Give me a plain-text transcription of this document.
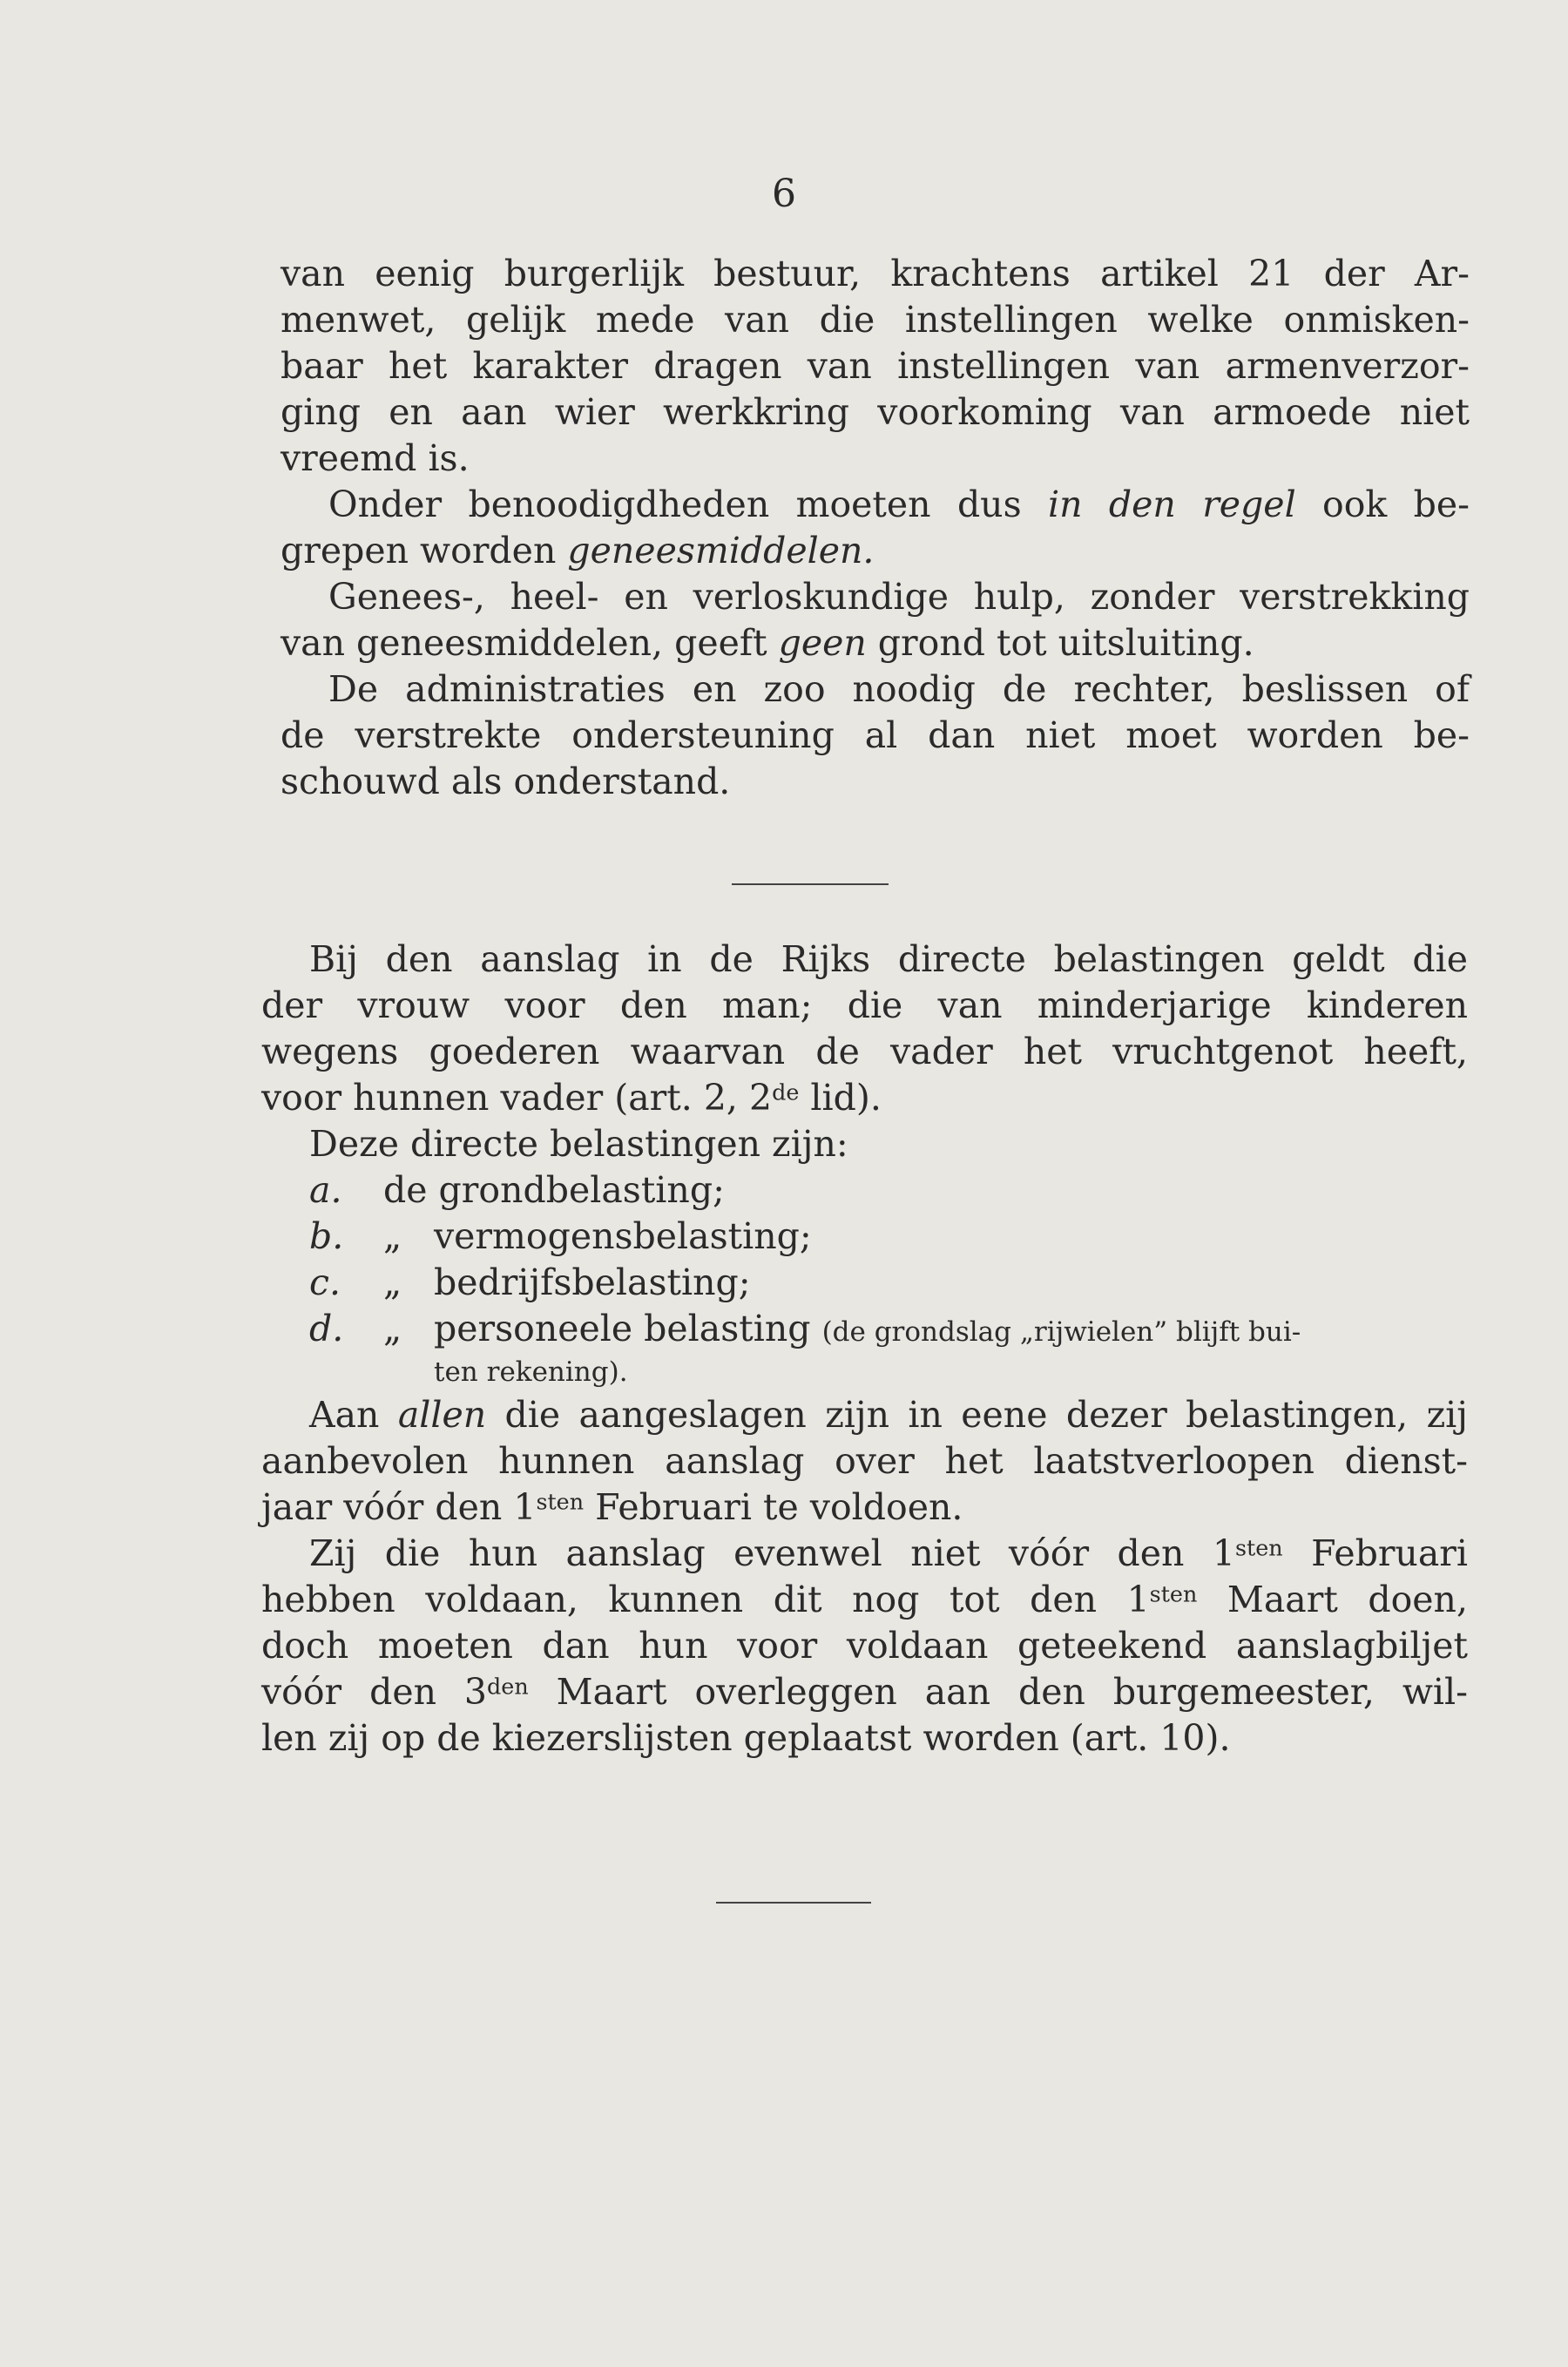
6
van eenig burgerlijk bestuur, krachtens artikel 21 der Ar-
menwet, gelijk mede van die instellingen welke onmisken-
baar het karakter dragen van instellingen van armenverzor-
ging en aan wier werkkring voorkoming van armoede niet
vreemd is.
Onder benoodigdheden moeten dus in den regel ook be-
grepen worden geneesmiddelen.
Genees-, heel- en verloskundige hulp, zonder verstrekking
van geneesmiddelen, geeft geen grond tot uitsluiting.
De administraties en zoo noodig de rechter, beslissen of
de verstrekte ondersteuning al dan niet moet worden be-
schouwd als onderstand.
Bij den aanslag in de Rijks directe belastingen geldt die
der vrouw voor den man; die van minderjarige kinderen
wegens goederen waarvan de vader het vruchtgenot heeft,
voor hunnen vader (art. 2, 2de lid).
Deze directe belastingen zijn:
a. de grondbelasting;
b. „ vermogensbelasting;
c. „ bedrijfsbelasting;
d. „ personeele belasting (de grondslag „rijwielen” blijft bui-
ten rekening).
Aan allen die aangeslagen zijn in eene dezer belastingen, zij
aanbevolen hunnen aanslag over het laatstverloopen dienst-
jaar vóór den $1^{sten}$ Februari te voldoen.
Zij die hun aanslag evenwel niet vóór den $1^{sten}$ Februari
hebben voldaan, kunnen dit nog tot den $1^{sten}$ Maart doen,
doch moeten dan hun voor voldaan geteekend aanslagbiljet
vóór den $3^{den}$ Maart overleggen aan den burgemeester, wil-
len zij op de kiezerslijsten geplaatst worden (art. 10).
